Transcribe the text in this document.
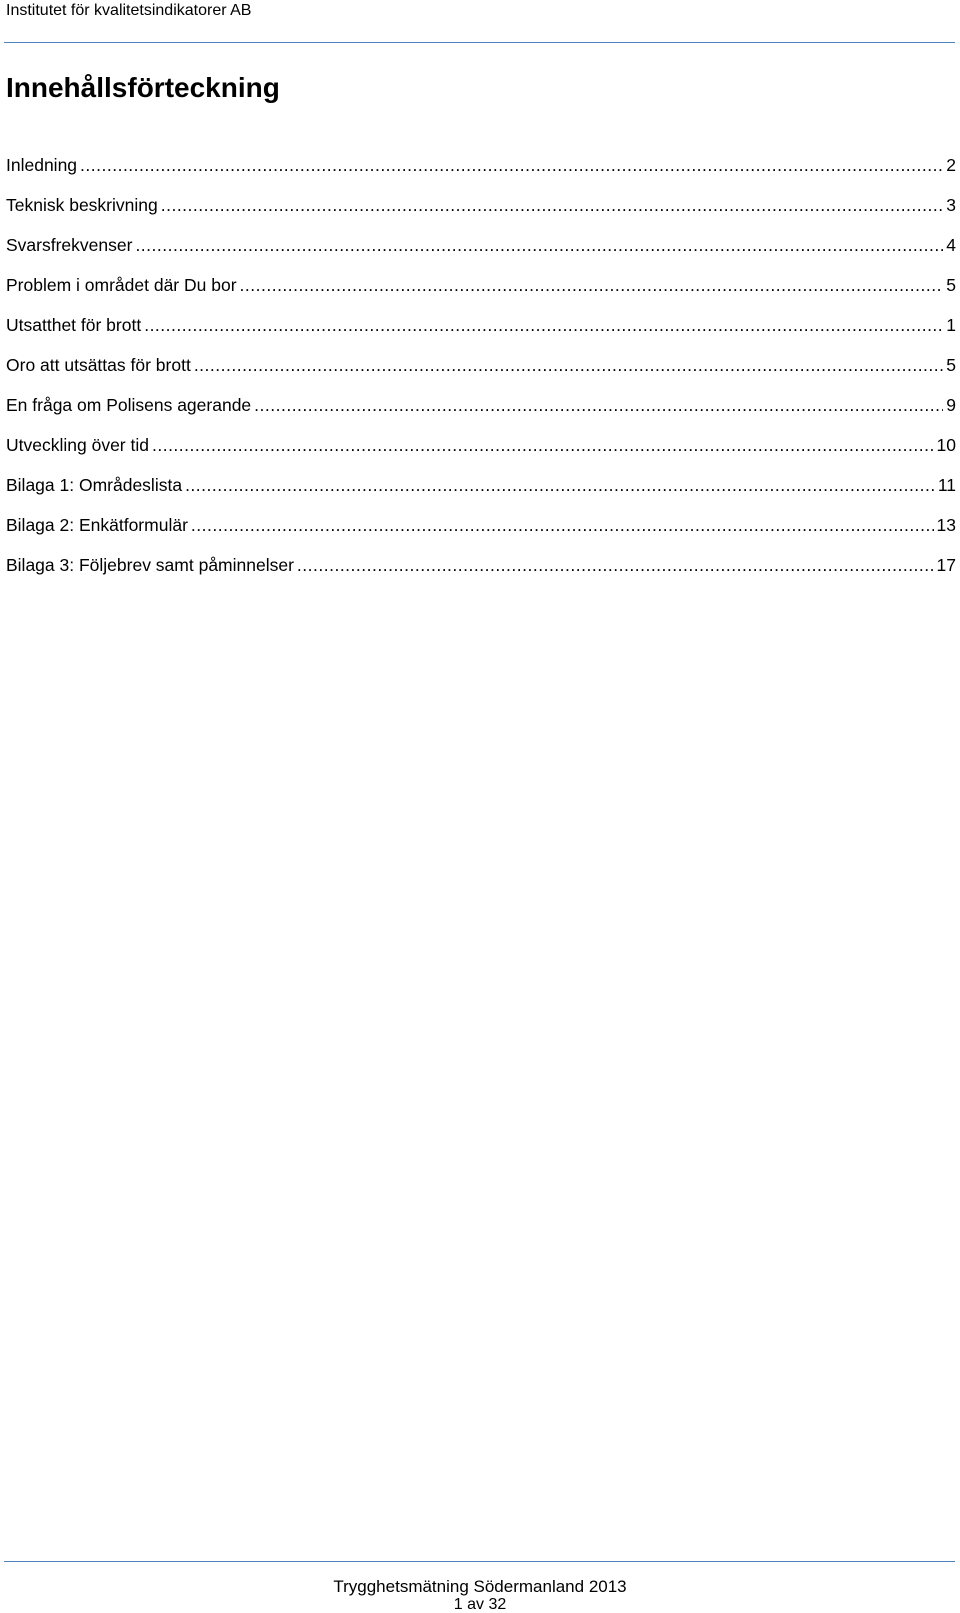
Institutet för kvalitetsindikatorer AB
Innehållsförteckning
Inledning .....	2
Teknisk beskrivning .....	3
Svarsfrekvenser .....	4
Problem i området där Du bor .....	5
Utsatthet för brott .....	1
Oro att utsättas för brott .....	5
En fråga om Polisens agerande .....	9
Utveckling över tid .....	10
Bilaga 1: Områdeslista .....	11
Bilaga 2: Enkätformulär .....	13
Bilaga 3: Följebrev samt påminnelser .....	17
Trygghetsmätning Södermanland 2013
1 av 32
